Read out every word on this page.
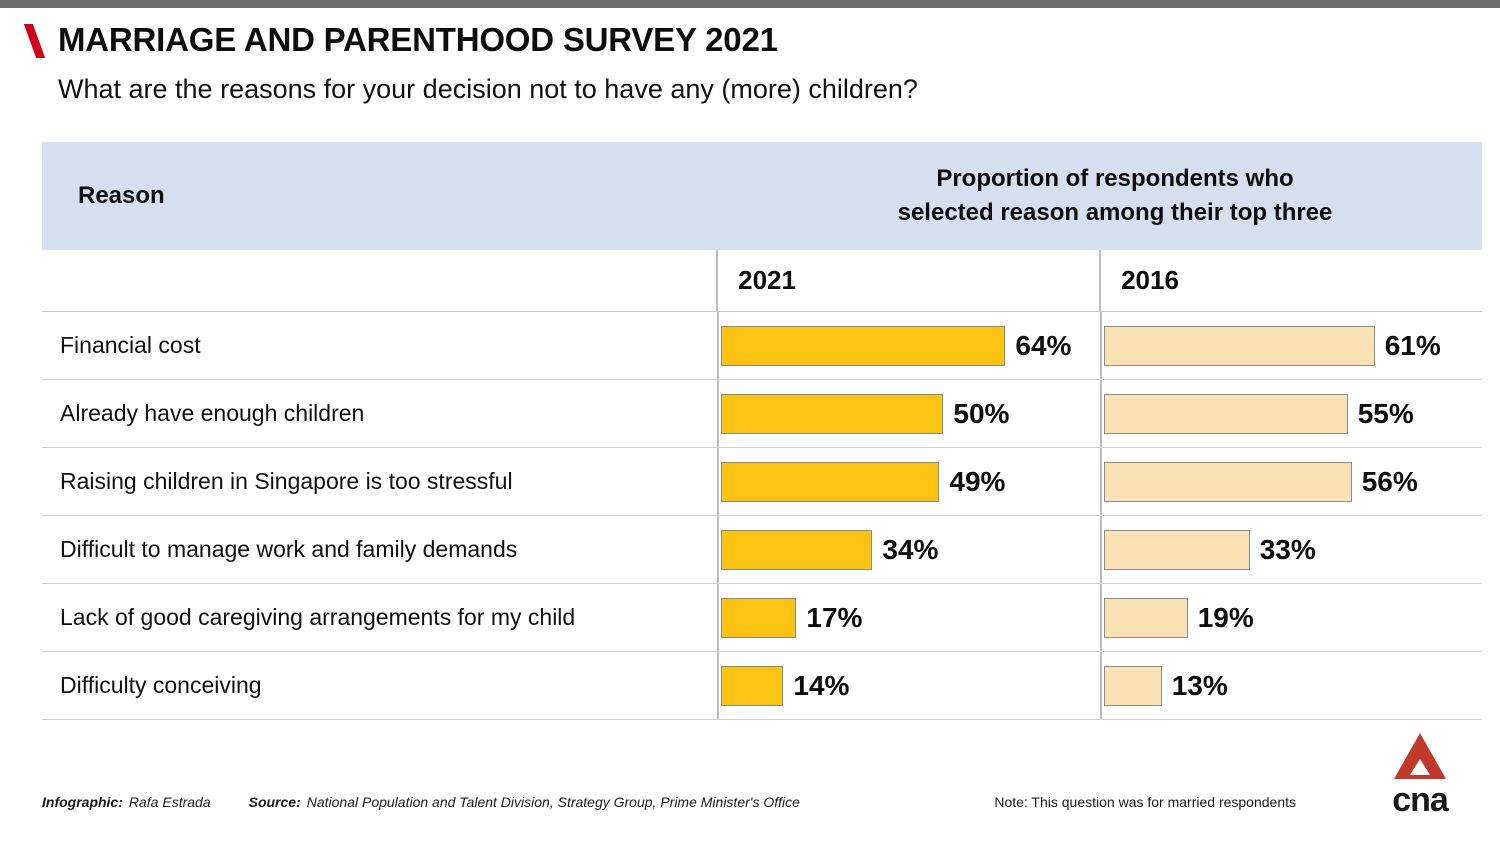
MARRIAGE AND PARENTHOOD SURVEY 2021
What are the reasons for your decision not to have any (more) children?
Reason
Proportion of respondents who
selected reason among their top three
2021	2016
Financial cost	64%	61%
Already have enough children	50%	55%
Raising children in Singapore is too stressful	49%	56%
Difficult to manage work and family demands	34%	33%
Lack of good caregiving arrangements for my child	17%	19%
Difficulty conceiving	14%	13%
Infographic: Rafa Estrada	Source: National Population and Talent Division, Strategy Group, Prime Minister's Office	Note: This question was for married respondents	cna
